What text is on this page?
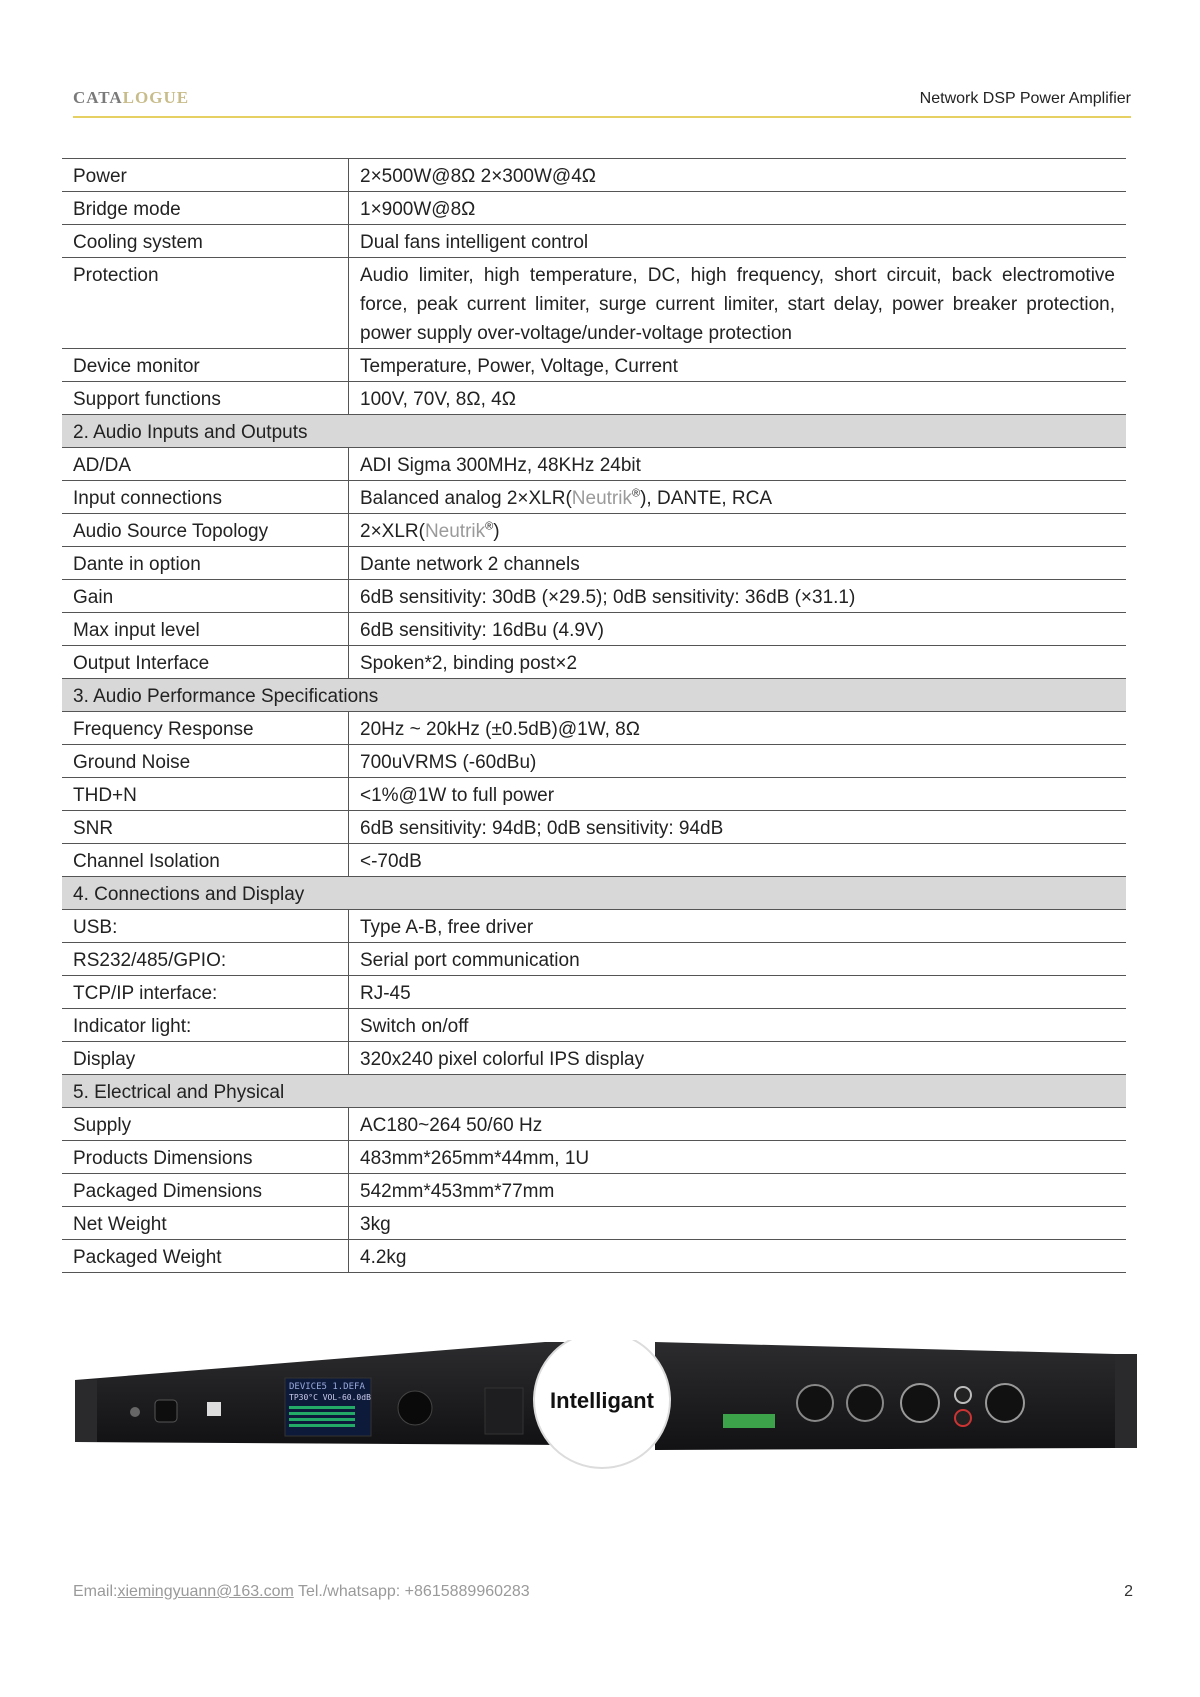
CATALOGUE	Network DSP Power Amplifier
Power	2×500W@8Ω 2×300W@4Ω
Bridge mode	1×900W@8Ω
Cooling system	Dual fans intelligent control
Protection	Audio limiter, high temperature, DC, high frequency, short circuit, back electromotive force, peak current limiter, surge current limiter, start delay, power breaker protection, power supply over-voltage/under-voltage protection
Device monitor	Temperature, Power, Voltage, Current
Support functions	100V, 70V, 8Ω, 4Ω
2. Audio Inputs and Outputs	
AD/DA	ADI Sigma 300MHz, 48KHz 24bit
Input connections	Balanced analog 2×XLR(Neutrik®), DANTE, RCA
Audio Source Topology	2×XLR(Neutrik®)
Dante in option	Dante network 2 channels
Gain	6dB sensitivity: 30dB (×29.5); 0dB sensitivity: 36dB (×31.1)
Max input level	6dB sensitivity: 16dBu (4.9V)
Output Interface	Spoken*2, binding post×2
3. Audio Performance Specifications	
Frequency Response	20Hz ~ 20kHz (±0.5dB)@1W, 8Ω
Ground Noise	700uVRMS (-60dBu)
THD+N	<1%@1W to full power
SNR	6dB sensitivity: 94dB; 0dB sensitivity: 94dB
Channel Isolation	<-70dB
4. Connections and Display	
USB:	Type A-B, free driver
RS232/485/GPIO:	Serial port communication
TCP/IP interface:	RJ-45
Indicator light:	Switch on/off
Display	320x240 pixel colorful IPS display
5. Electrical and Physical	
Supply	AC180~264 50/60 Hz
Products Dimensions	483mm*265mm*44mm, 1U
Packaged Dimensions	542mm*453mm*77mm
Net Weight	3kg
Packaged Weight	4.2kg
DEVICE5 1.DEFA
TP30°C VOL-60.0dB	Intelligant
Email:xiemingyuann@163.com Tel./whatsapp: +8615889960283	2
